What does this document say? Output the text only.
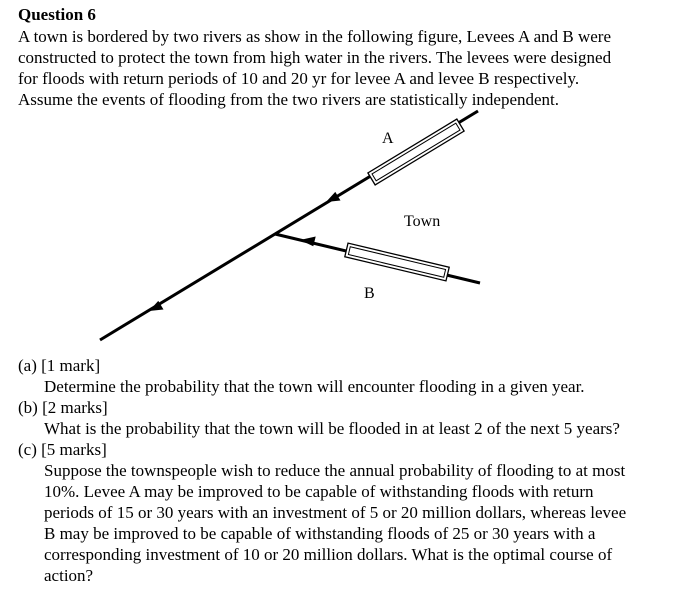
Question 6
A town is bordered by two rivers as show in the following figure, Levees A and B were
constructed to protect the town from high water in the rivers. The levees were designed
for floods with return periods of 10 and 20 yr for levee A and levee B respectively.
Assume the events of flooding from the two rivers are statistically independent.
A
Town
B
(a) [1 mark]
Determine the probability that the town will encounter flooding in a given year.
(b) [2 marks]
What is the probability that the town will be flooded in at least 2 of the next 5 years?
(c) [5 marks]
Suppose the townspeople wish to reduce the annual probability of flooding to at most
10%. Levee A may be improved to be capable of withstanding floods with return
periods of 15 or 30 years with an investment of 5 or 20 million dollars, whereas levee
B may be improved to be capable of withstanding floods of 25 or 30 years with a
corresponding investment of 10 or 20 million dollars. What is the optimal course of
action?
